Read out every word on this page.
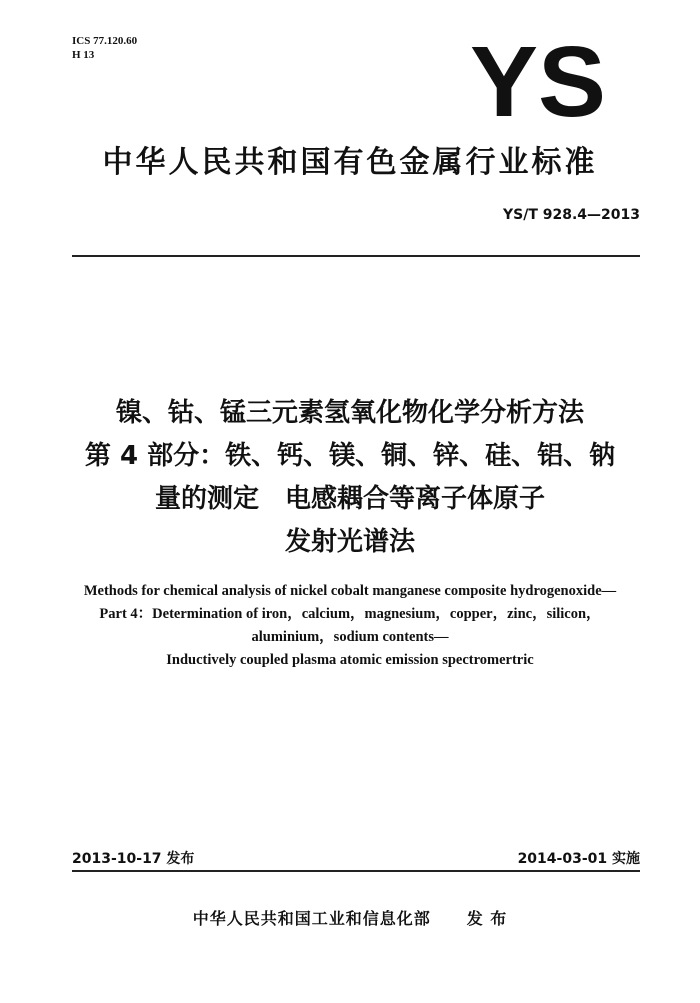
ICS 77.120.60
H 13	YS
中华人民共和国有色金属行业标准
YS/T 928.4—2013
镍、钴、锰三元素氢氧化物化学分析方法
第 4 部分：铁、钙、镁、铜、锌、硅、铝、钠
量的测定　电感耦合等离子体原子
发射光谱法
Methods for chemical analysis of nickel cobalt manganese composite hydrogenoxide—
Part 4：Determination of iron，calcium，magnesium，copper，zinc，silicon，
aluminium，sodium contents—
Inductively coupled plasma atomic emission spectromertric
2013-10-17 发布	2014-03-01 实施
中华人民共和国工业和信息化部 发 布
